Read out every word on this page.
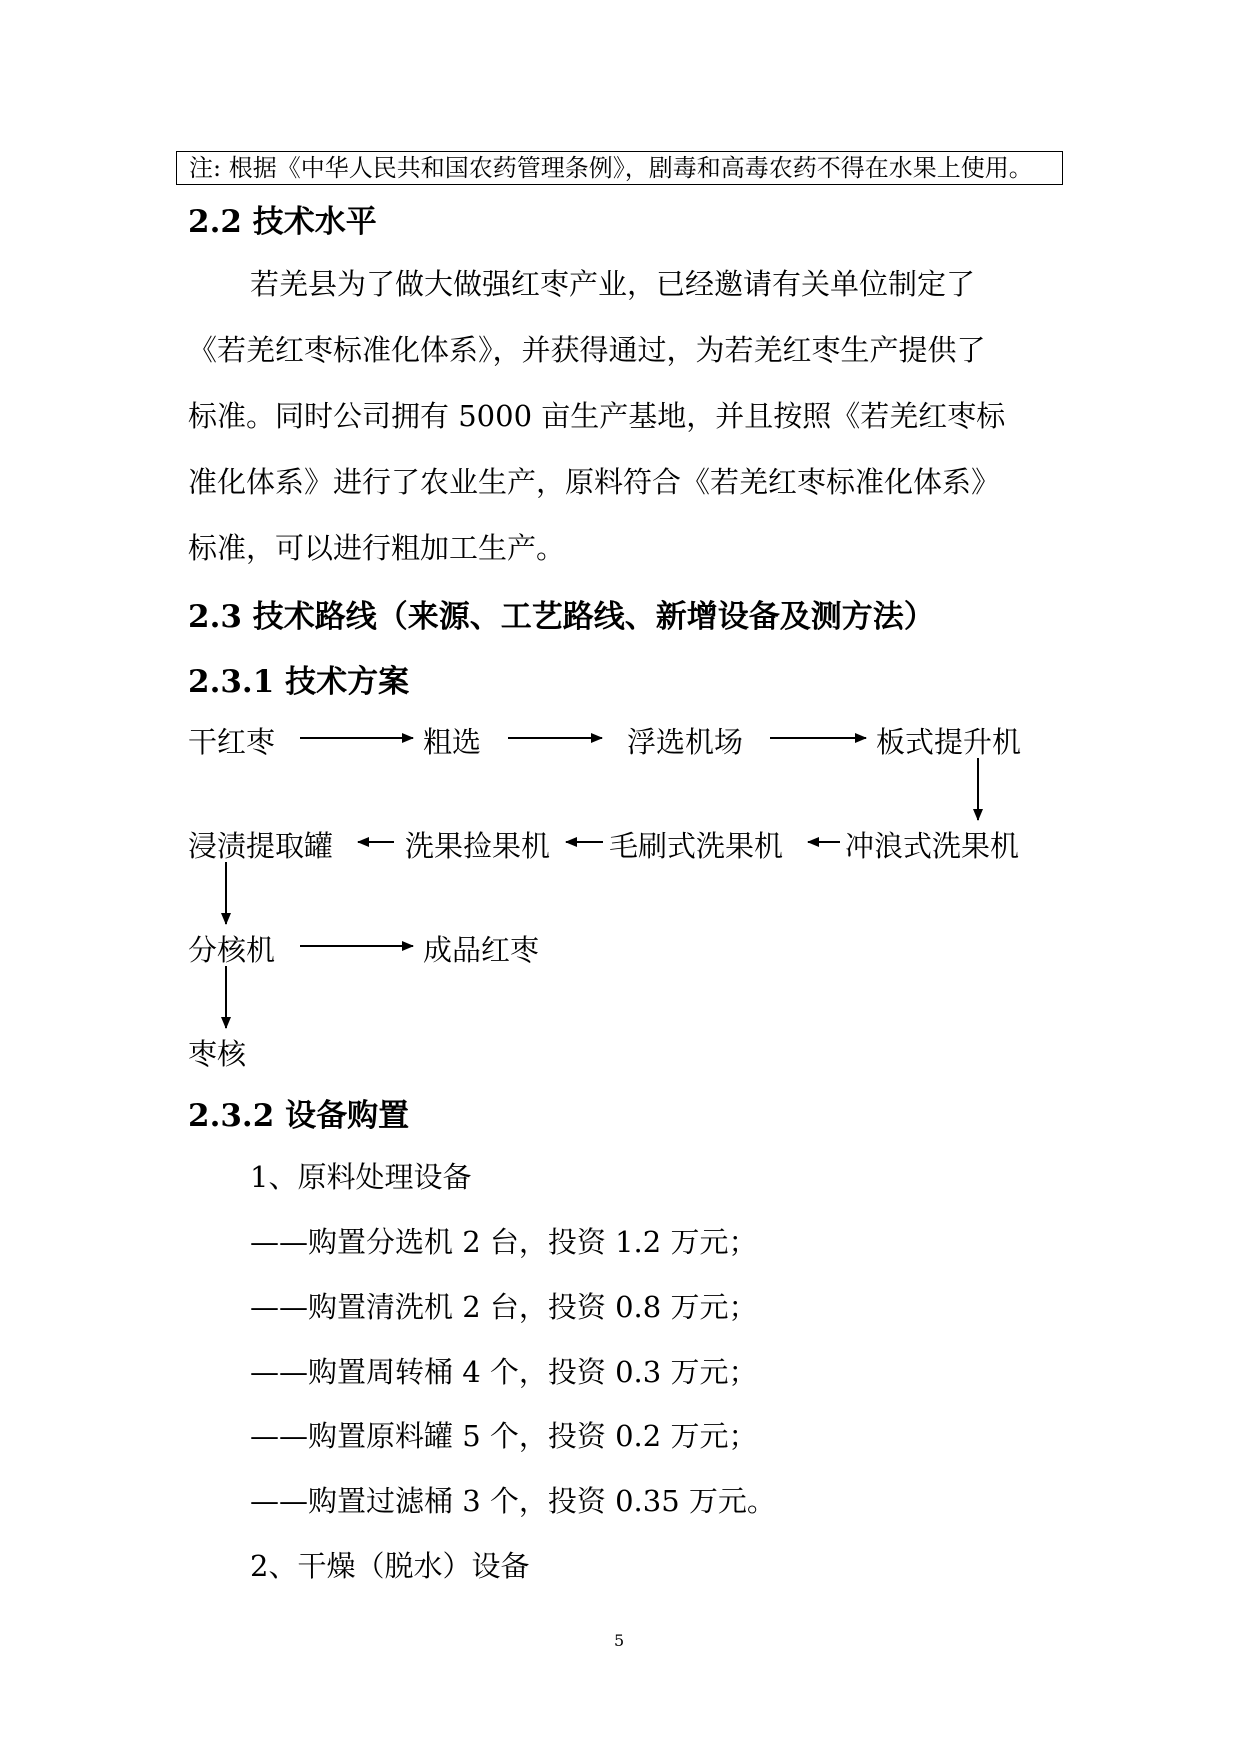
注: 根据《中华人民共和国农药管理条例》，剧毒和高毒农药不得在水果上使用。
2.2 技术水平
若羌县为了做大做强红枣产业，已经邀请有关单位制定了
《若羌红枣标准化体系》，并获得通过，为若羌红枣生产提供了
标准。同时公司拥有 5000 亩生产基地，并且按照《若羌红枣标
准化体系》进行了农业生产，原料符合《若羌红枣标准化体系》
标准，可以进行粗加工生产。
2.3 技术路线（来源、工艺路线、新增设备及测方法）
2.3.1 技术方案
干红枣	粗选	浮选机场	板式提升机
浸渍提取罐 洗果捡果机 毛刷式洗果机 冲浪式洗果机
分核机	成品红枣
枣核
2.3.2 设备购置
1、原料处理设备
——购置分选机 2 台，投资 1.2 万元；
——购置清洗机 2 台，投资 0.8 万元；
——购置周转桶 4 个，投资 0.3 万元；
——购置原料罐 5 个，投资 0.2 万元；
——购置过滤桶 3 个，投资 0.35 万元。
2、干燥（脱水）设备
5
